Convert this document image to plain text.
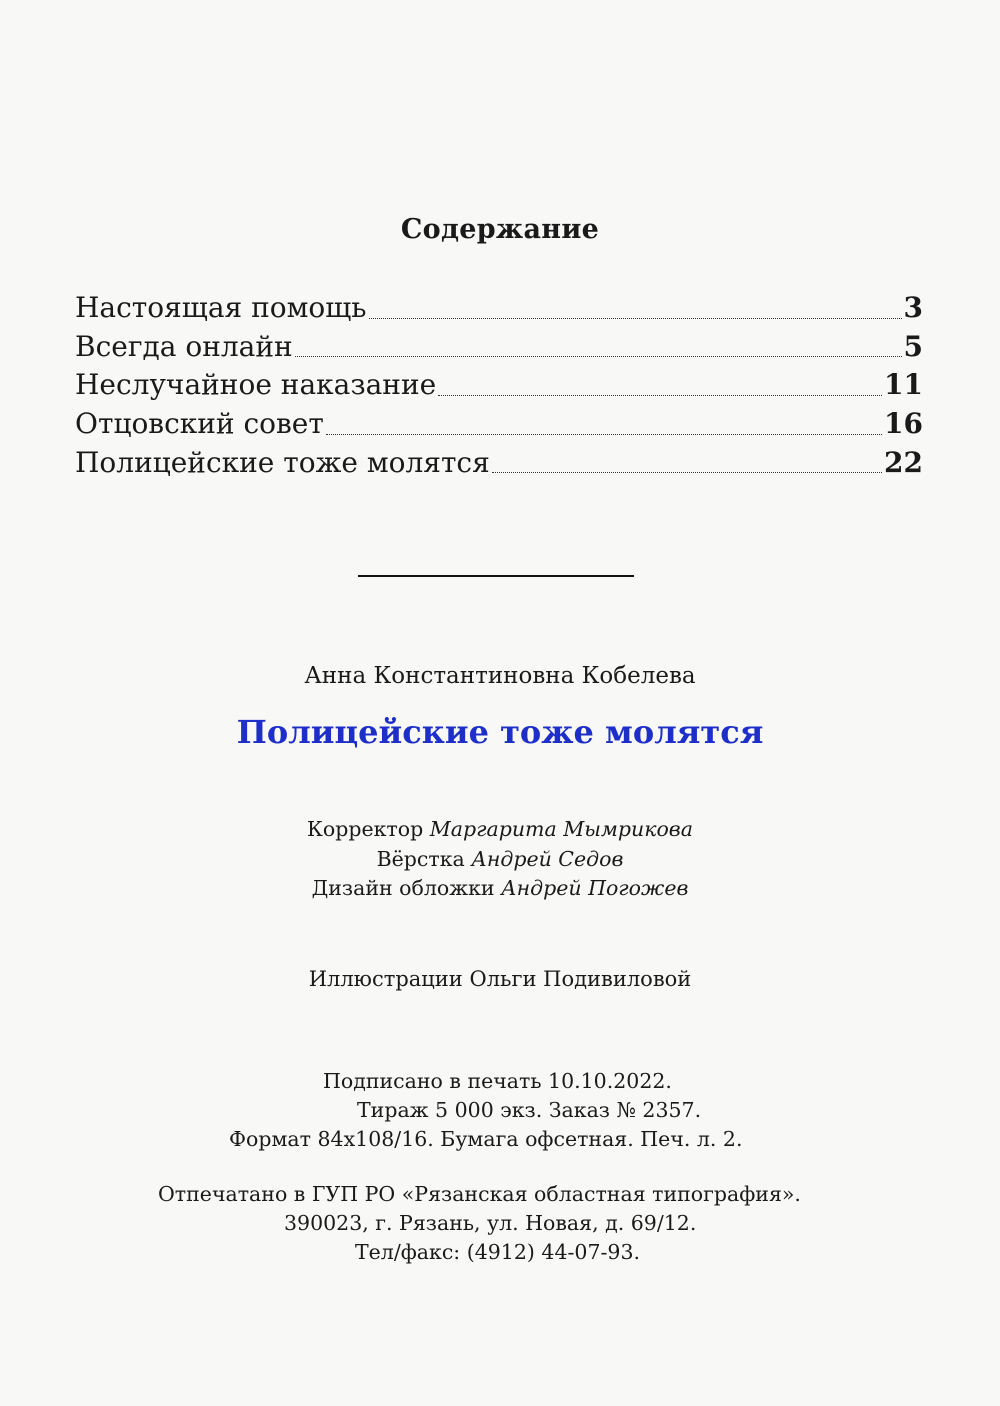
Содержание
Настоящая помощь	3
Всегда онлайн	5
Неслучайное наказание	11
Отцовский совет	16
Полицейские тоже молятся	22
Анна Константиновна Кобелева
Полицейские тоже молятся
Корректор Маргарита Мымрикова
Вёрстка Андрей Седов
Дизайн обложки Андрей Погожев
Иллюстрации Ольги Подивиловой
Подписано в печать 10.10.2022.
Тираж 5 000 экз. Заказ № 2357.
Формат 84x108/16. Бумага офсетная. Печ. л. 2.
Отпечатано в ГУП РО «Рязанская областная типография».
390023, г. Рязань, ул. Новая, д. 69/12.
Тел/факс: (4912) 44-07-93.
